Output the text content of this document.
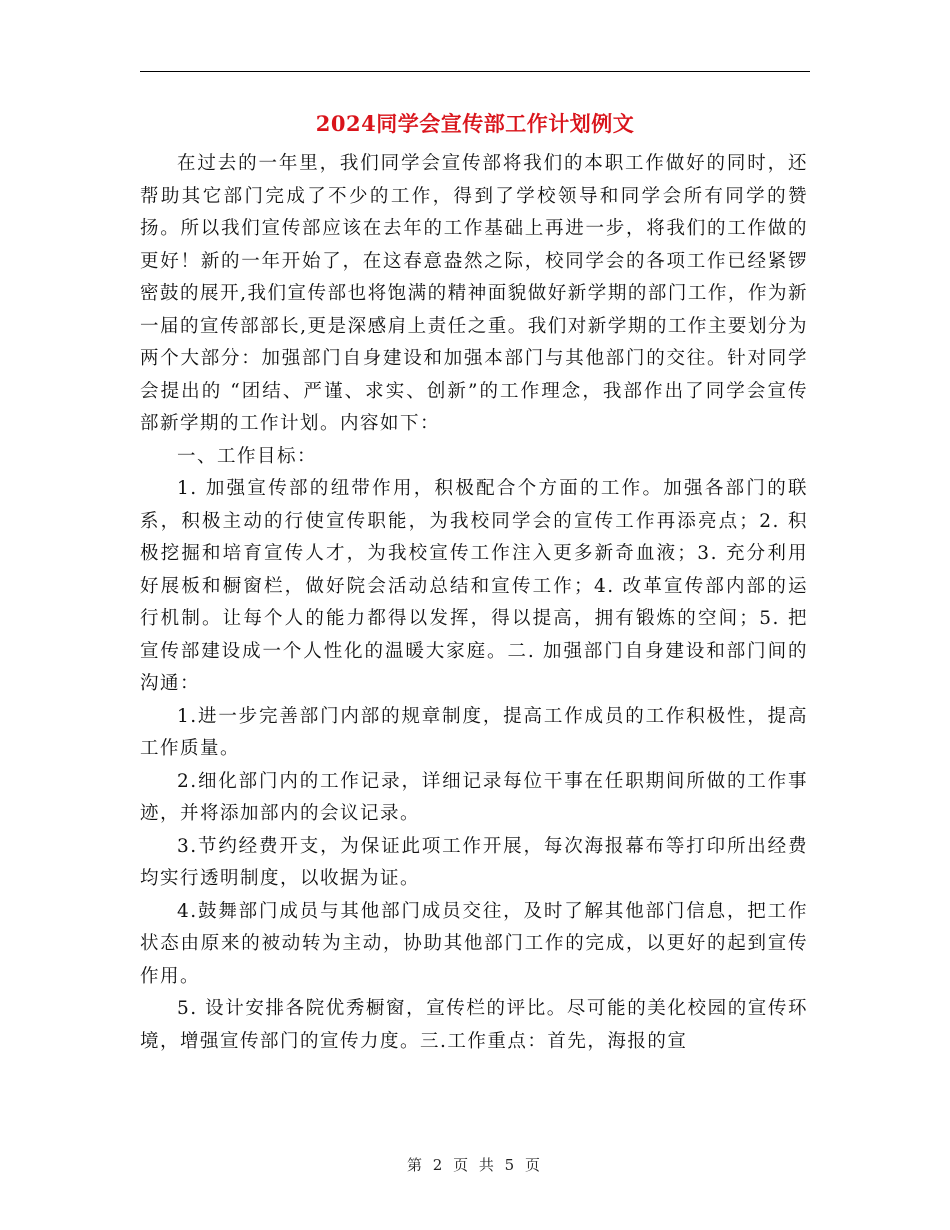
2024同学会宣传部工作计划例文

在过去的一年里，我们同学会宣传部将我们的本职工作做好的同时，还帮助其它部门完成了不少的工作，得到了学校领导和同学会所有同学的赞扬。所以我们宣传部应该在去年的工作基础上再进一步，将我们的工作做的更好！新的一年开始了，在这春意盎然之际，校同学会的各项工作已经紧锣密鼓的展开,我们宣传部也将饱满的精神面貌做好新学期的部门工作，作为新一届的宣传部部长,更是深感肩上责任之重。我们对新学期的工作主要划分为两个大部分：加强部门自身建设和加强本部门与其他部门的交往。针对同学会提出的 “团结、严谨、求实、创新”的工作理念，我部作出了同学会宣传部新学期的工作计划。内容如下：

一、工作目标：

1. 加强宣传部的纽带作用，积极配合个方面的工作。加强各部门的联系，积极主动的行使宣传职能，为我校同学会的宣传工作再添亮点；2. 积极挖掘和培育宣传人才，为我校宣传工作注入更多新奇血液；3. 充分利用好展板和橱窗栏，做好院会活动总结和宣传工作；4. 改革宣传部内部的运行机制。让每个人的能力都得以发挥，得以提高，拥有锻炼的空间；5. 把宣传部建设成一个人性化的温暖大家庭。二. 加强部门自身建设和部门间的沟通：

1.进一步完善部门内部的规章制度，提高工作成员的工作积极性，提高工作质量。

2.细化部门内的工作记录，详细记录每位干事在任职期间所做的工作事迹，并将添加部内的会议记录。

3.节约经费开支，为保证此项工作开展，每次海报幕布等打印所出经费均实行透明制度，以收据为证。

4.鼓舞部门成员与其他部门成员交往，及时了解其他部门信息，把工作状态由原来的被动转为主动，协助其他部门工作的完成，以更好的起到宣传作用。

5. 设计安排各院优秀橱窗，宣传栏的评比。尽可能的美化校园的宣传环境，增强宣传部门的宣传力度。三.工作重点：首先，海报的宣

第 2 页 共 5 页
